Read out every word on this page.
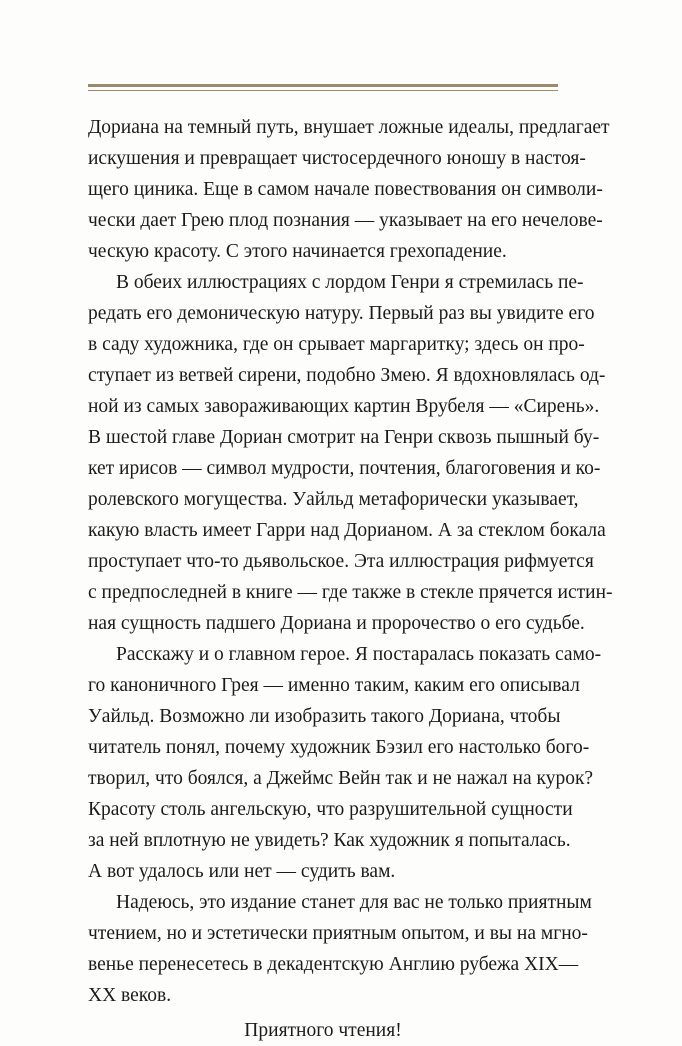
Дориана на темный путь, внушает ложные идеалы, предлагает
искушения и превращает чистосердечного юношу в настоя-
щего циника. Еще в самом начале повествования он символи-
чески дает Грею плод познания — указывает на его нечелове-
ческую красоту. С этого начинается грехопадение.
В обеих иллюстрациях с лордом Генри я стремилась пе-
редать его демоническую натуру. Первый раз вы увидите его
в саду художника, где он срывает маргаритку; здесь он про-
ступает из ветвей сирени, подобно Змею. Я вдохновлялась од-
ной из самых завораживающих картин Врубеля — «Сирень».
В шестой главе Дориан смотрит на Генри сквозь пышный бу-
кет ирисов — символ мудрости, почтения, благоговения и ко-
ролевского могущества. Уайльд метафорически указывает,
какую власть имеет Гарри над Дорианом. А за стеклом бокала
проступает что-то дьявольское. Эта иллюстрация рифмуется
с предпоследней в книге — где также в стекле прячется истин-
ная сущность падшего Дориана и пророчество о его судьбе.
Расскажу и о главном герое. Я постаралась показать само-
го каноничного Грея — именно таким, каким его описывал
Уайльд. Возможно ли изобразить такого Дориана, чтобы
читатель понял, почему художник Бэзил его настолько бого-
творил, что боялся, а Джеймс Вейн так и не нажал на курок?
Красоту столь ангельскую, что разрушительной сущности
за ней вплотную не увидеть? Как художник я попыталась.
А вот удалось или нет — судить вам.
Надеюсь, это издание станет для вас не только приятным
чтением, но и эстетически приятным опытом, и вы на мгно-
венье перенесетесь в декадентскую Англию рубежа XIX—
XX веков.
Приятного чтения!
